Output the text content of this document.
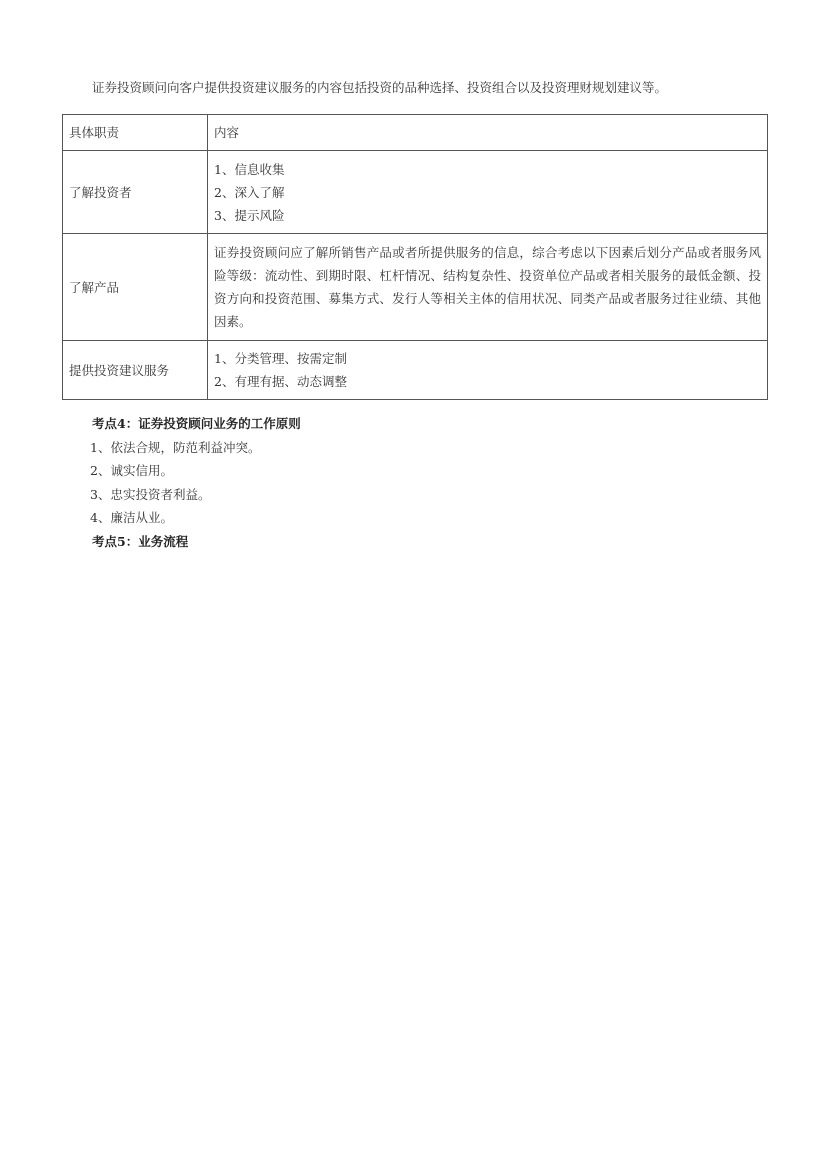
证券投资顾问向客户提供投资建议服务的内容包括投资的品种选择、投资组合以及投资理财规划建议等。

具体职责	内容
了解投资者	1、信息收集
2、深入了解
3、提示风险

了解产品	证券投资顾问应了解所销售产品或者所提供服务的信息，综合考虑以下因素后划分产品或者服务风险等级：流动性、到期时限、杠杆情况、结构复杂性、投资单位产品或者相关服务的最低金额、投资方向和投资范围、募集方式、发行人等相关主体的信用状况、同类产品或者服务过往业绩、其他因素。

提供投资建议服务	1、分类管理、按需定制
2、有理有据、动态调整
考点4：证券投资顾问业务的工作原则
1、依法合规，防范利益冲突。
2、诚实信用。
3、忠实投资者利益。
4、廉洁从业。
考点5：业务流程
